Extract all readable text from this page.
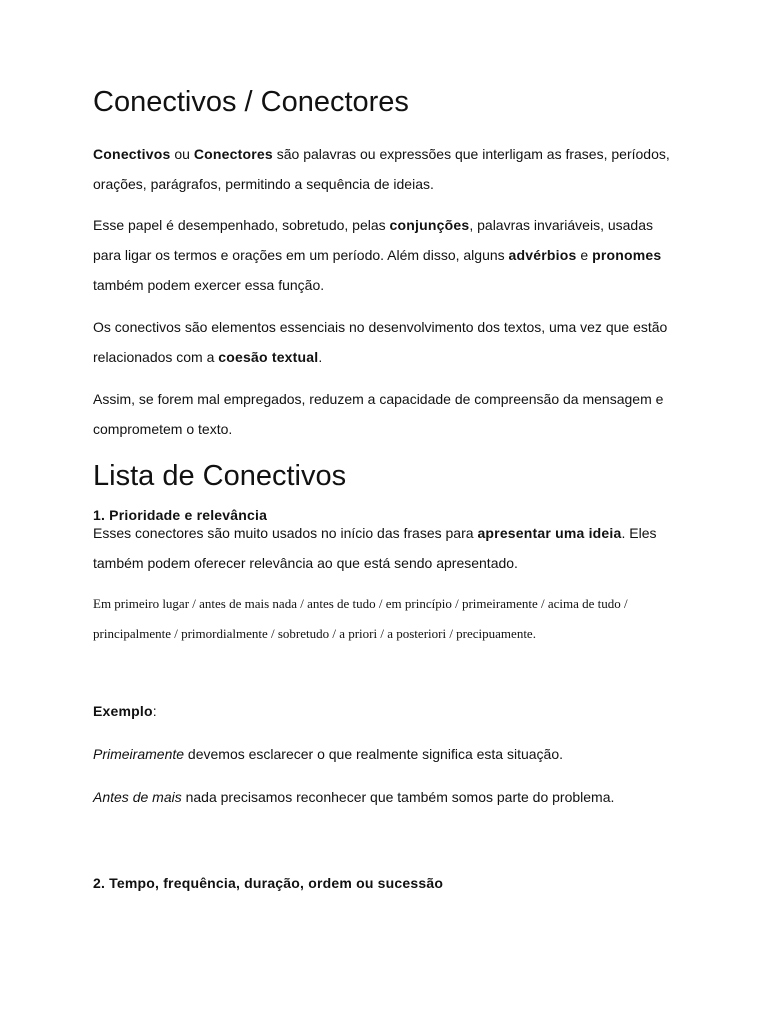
Conectivos / Conectores

Conectivos ou Conectores são palavras ou expressões que interligam as frases, períodos, orações, parágrafos, permitindo a sequência de ideias.

Esse papel é desempenhado, sobretudo, pelas conjunções, palavras invariáveis, usadas para ligar os termos e orações em um período. Além disso, alguns advérbios e pronomes também podem exercer essa função.

Os conectivos são elementos essenciais no desenvolvimento dos textos, uma vez que estão relacionados com a coesão textual.

Assim, se forem mal empregados, reduzem a capacidade de compreensão da mensagem e comprometem o texto.

Lista de Conectivos
1. Prioridade e relevância

Esses conectores são muito usados no início das frases para apresentar uma ideia. Eles também podem oferecer relevância ao que está sendo apresentado.

Em primeiro lugar / antes de mais nada / antes de tudo / em princípio / primeiramente / acima de tudo / principalmente / primordialmente / sobretudo / a priori / a posteriori / precipuamente.

Exemplo:

Primeiramente devemos esclarecer o que realmente significa esta situação.

Antes de mais nada precisamos reconhecer que também somos parte do problema.

2. Tempo, frequência, duração, ordem ou sucessão
